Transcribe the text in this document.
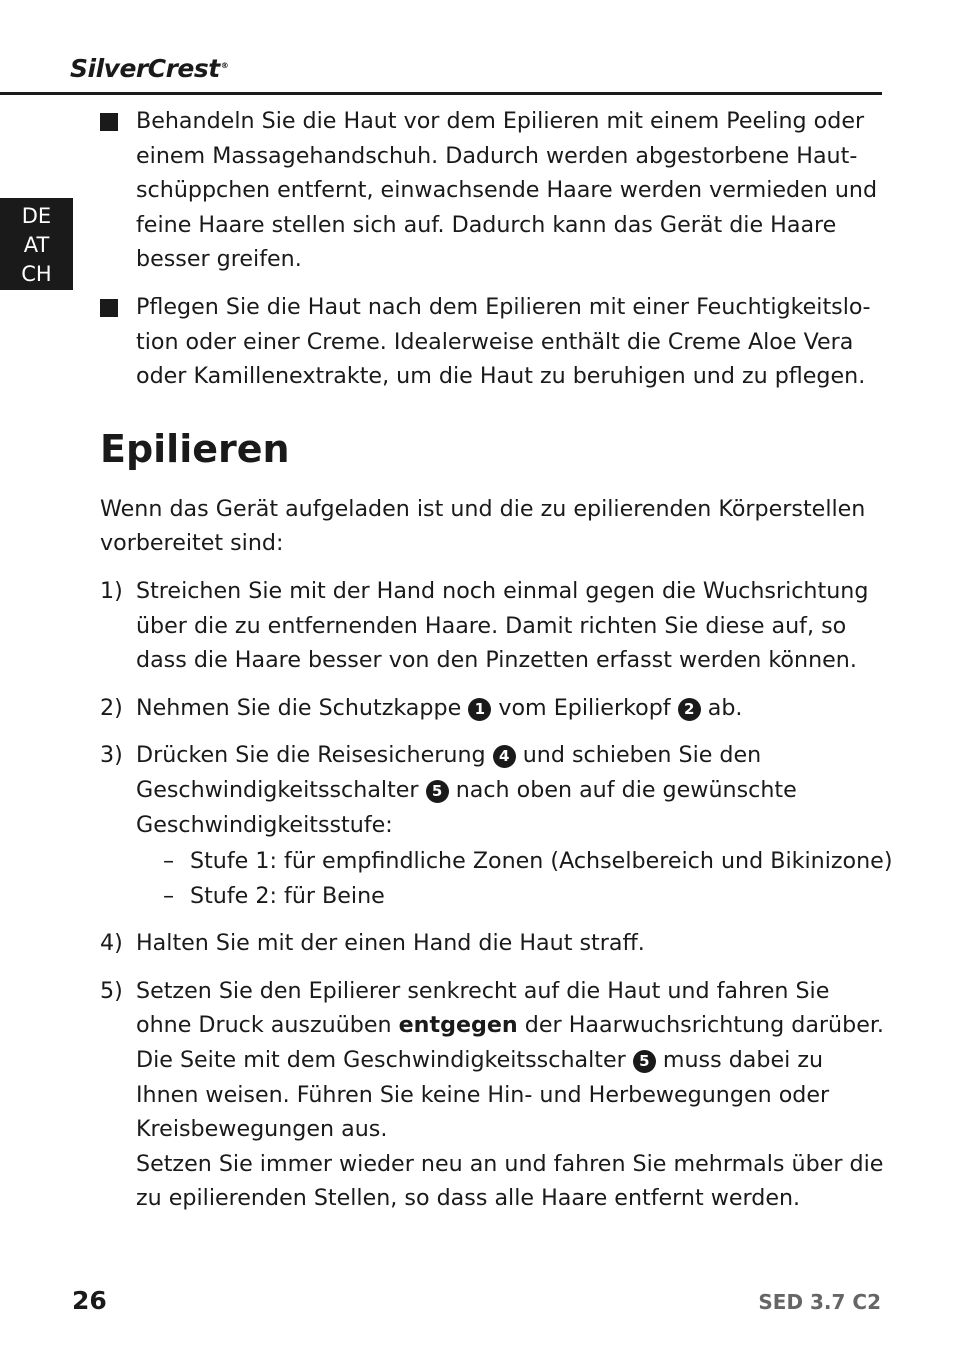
SilverCrest®
DE
AT
CH
Behandeln Sie die Haut vor dem Epilieren mit einem Peeling oder einem Massagehandschuh. Dadurch werden abgestorbene Hautschüppchen entfernt, einwachsende Haare werden vermieden und feine Haare stellen sich auf. Dadurch kann das Gerät die Haare besser greifen.
Pflegen Sie die Haut nach dem Epilieren mit einer Feuchtigkeitslotion oder einer Creme. Idealerweise enthält die Creme Aloe Vera oder Kamillenextrakte, um die Haut zu beruhigen und zu pflegen.
Epilieren
Wenn das Gerät aufgeladen ist und die zu epilierenden Körperstellen vorbereitet sind:
1) Streichen Sie mit der Hand noch einmal gegen die Wuchsrichtung über die zu entfernenden Haare. Damit richten Sie diese auf, so dass die Haare besser von den Pinzetten erfasst werden können.
2) Nehmen Sie die Schutzkappe 1 vom Epilierkopf 2 ab.
3) Drücken Sie die Reisesicherung 4 und schieben Sie den Geschwindigkeitsschalter 5 nach oben auf die gewünschte Geschwindigkeitsstufe:
– Stufe 1: für empfindliche Zonen (Achselbereich und Bikinizone)
– Stufe 2: für Beine
4) Halten Sie mit der einen Hand die Haut straff.
5) Setzen Sie den Epilierer senkrecht auf die Haut und fahren Sie ohne Druck auszuüben entgegen der Haarwuchsrichtung darüber. Die Seite mit dem Geschwindigkeitsschalter 5 muss dabei zu Ihnen weisen. Führen Sie keine Hin- und Herbewegungen oder Kreisbewegungen aus.
Setzen Sie immer wieder neu an und fahren Sie mehrmals über die zu epilierenden Stellen, so dass alle Haare entfernt werden.
26	SED 3.7 C2
